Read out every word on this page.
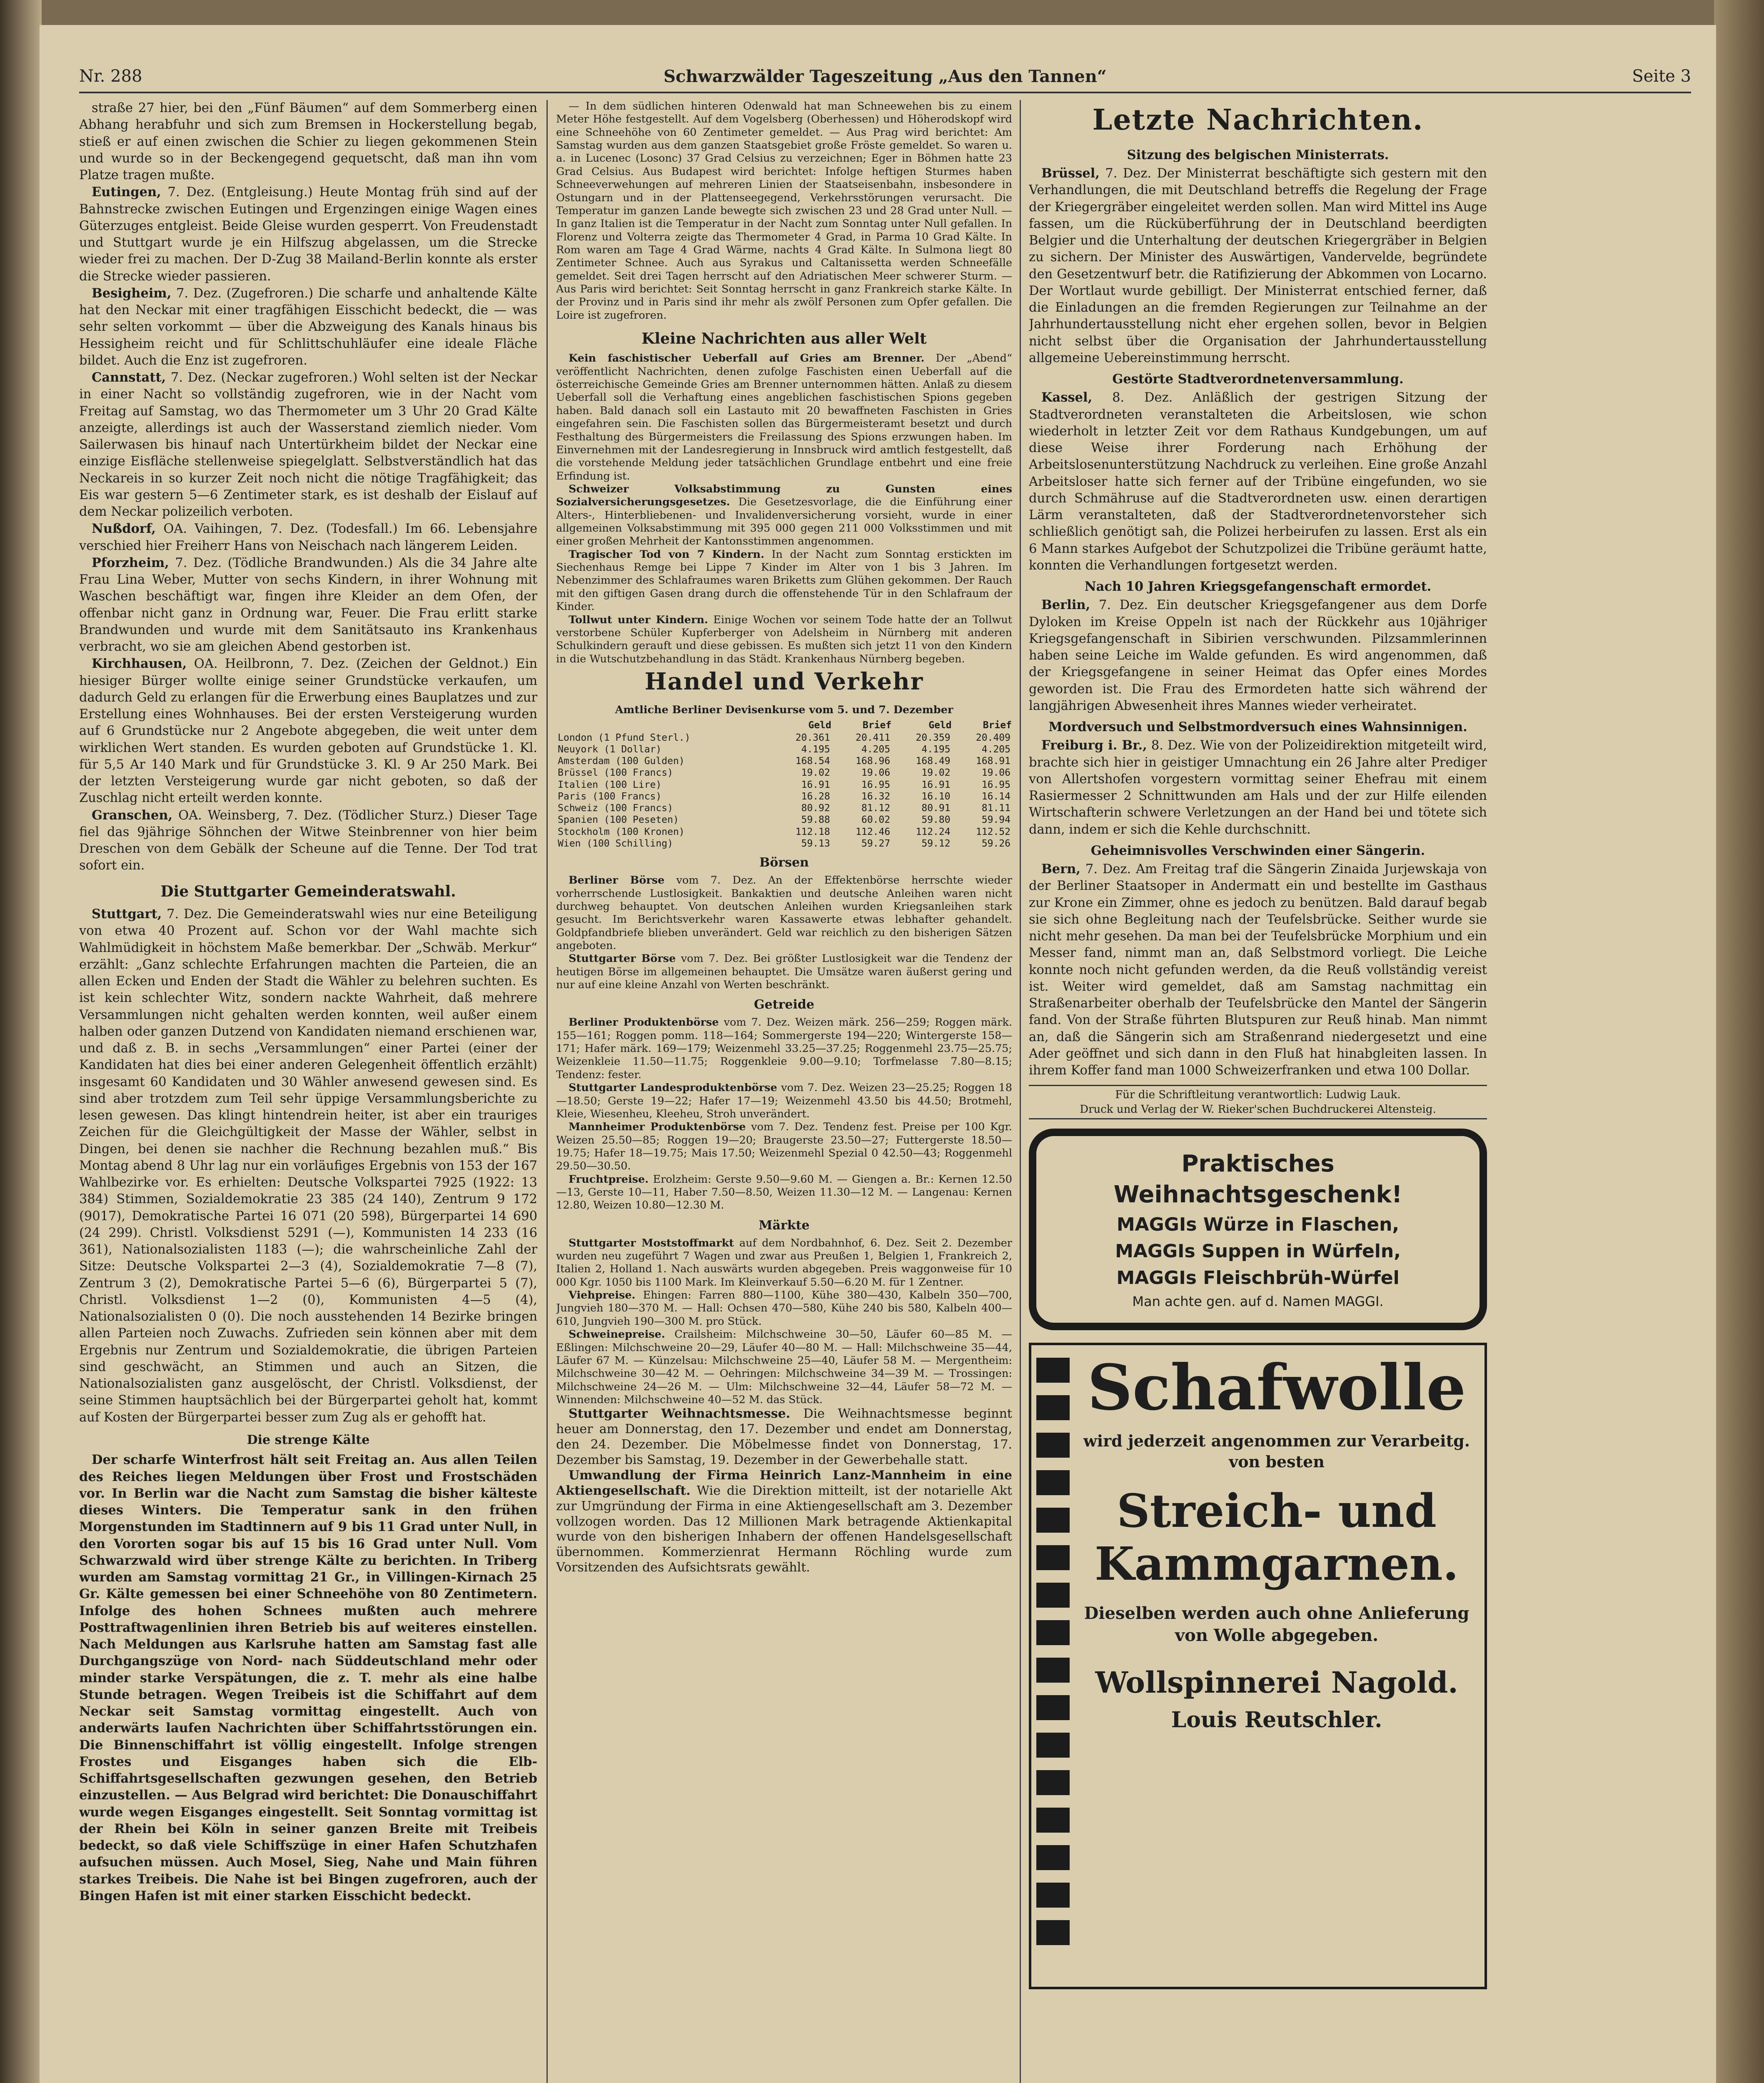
Nr. 288	Schwarzwälder Tageszeitung „Aus den Tannen“	Seite 3

straße 27 hier, bei den „Fünf Bäumen“ auf dem Sommerberg einen Abhang herabfuhr und sich zum Bremsen in Hockerstellung begab, stieß er auf einen zwischen die Schier zu liegen gekommenen Stein und wurde so in der Beckengegend gequetscht, daß man ihn vom Platze tragen mußte.

Eutingen, 7. Dez. (Entgleisung.) Heute Montag früh sind auf der Bahnstrecke zwischen Eutingen und Ergenzingen einige Wagen eines Güterzuges entgleist. Beide Gleise wurden gesperrt. Von Freudenstadt und Stuttgart wurde je ein Hilfszug abgelassen, um die Strecke wieder frei zu machen. Der D-Zug 38 Mailand-Berlin konnte als erster die Strecke wieder passieren.

Besigheim, 7. Dez. (Zugefroren.) Die scharfe und anhaltende Kälte hat den Neckar mit einer tragfähigen Eisschicht bedeckt, die — was sehr selten vorkommt — über die Abzweigung des Kanals hinaus bis Hessigheim reicht und für Schlittschuhläufer eine ideale Fläche bildet. Auch die Enz ist zugefroren.

Cannstatt, 7. Dez. (Neckar zugefroren.) Wohl selten ist der Neckar in einer Nacht so vollständig zugefroren, wie in der Nacht vom Freitag auf Samstag, wo das Thermometer um 3 Uhr 20 Grad Kälte anzeigte, allerdings ist auch der Wasserstand ziemlich nieder. Vom Sailerwasen bis hinauf nach Untertürkheim bildet der Neckar eine einzige Eisfläche stellenweise spiegelglatt. Selbstverständlich hat das Neckareis in so kurzer Zeit noch nicht die nötige Tragfähigkeit; das Eis war gestern 5—6 Zentimeter stark, es ist deshalb der Eislauf auf dem Neckar polizeilich verboten.

Nußdorf, OA. Vaihingen, 7. Dez. (Todesfall.) Im 66. Lebensjahre verschied hier Freiherr Hans von Neischach nach längerem Leiden.

Pforzheim, 7. Dez. (Tödliche Brandwunden.) Als die 34 Jahre alte Frau Lina Weber, Mutter von sechs Kindern, in ihrer Wohnung mit Waschen beschäftigt war, fingen ihre Kleider an dem Ofen, der offenbar nicht ganz in Ordnung war, Feuer. Die Frau erlitt starke Brandwunden und wurde mit dem Sanitätsauto ins Krankenhaus verbracht, wo sie am gleichen Abend gestorben ist.

Kirchhausen, OA. Heilbronn, 7. Dez. (Zeichen der Geldnot.) Ein hiesiger Bürger wollte einige seiner Grundstücke verkaufen, um dadurch Geld zu erlangen für die Erwerbung eines Bauplatzes und zur Erstellung eines Wohnhauses. Bei der ersten Versteigerung wurden auf 6 Grundstücke nur 2 Angebote abgegeben, die weit unter dem wirklichen Wert standen. Es wurden geboten auf Grundstücke 1. Kl. für 5,5 Ar 140 Mark und für Grundstücke 3. Kl. 9 Ar 250 Mark. Bei der letzten Versteigerung wurde gar nicht geboten, so daß der Zuschlag nicht erteilt werden konnte.

Granschen, OA. Weinsberg, 7. Dez. (Tödlicher Sturz.) Dieser Tage fiel das 9jährige Söhnchen der Witwe Steinbrenner von hier beim Dreschen von dem Gebälk der Scheune auf die Tenne. Der Tod trat sofort ein.

Die Stuttgarter Gemeinderatswahl.

Stuttgart, 7. Dez. Die Gemeinderatswahl wies nur eine Beteiligung von etwa 40 Prozent auf. Schon vor der Wahl machte sich Wahlmüdigkeit in höchstem Maße bemerkbar. Der „Schwäb. Merkur“ erzählt: „Ganz schlechte Erfahrungen machten die Parteien, die an allen Ecken und Enden der Stadt die Wähler zu belehren suchten. Es ist kein schlechter Witz, sondern nackte Wahrheit, daß mehrere Versammlungen nicht gehalten werden konnten, weil außer einem halben oder ganzen Dutzend von Kandidaten niemand erschienen war, und daß z. B. in sechs „Versammlungen“ einer Partei (einer der Kandidaten hat dies bei einer anderen Gelegenheit öffentlich erzählt) insgesamt 60 Kandidaten und 30 Wähler anwesend gewesen sind. Es sind aber trotzdem zum Teil sehr üppige Versammlungsberichte zu lesen gewesen. Das klingt hintendrein heiter, ist aber ein trauriges Zeichen für die Gleichgültigkeit der Masse der Wähler, selbst in Dingen, bei denen sie nachher die Rechnung bezahlen muß.“ Bis Montag abend 8 Uhr lag nur ein vorläufiges Ergebnis von 153 der 167 Wahlbezirke vor. Es erhielten: Deutsche Volkspartei 7925 (1922: 13 384) Stimmen, Sozialdemokratie 23 385 (24 140), Zentrum 9 172 (9017), Demokratische Partei 16 071 (20 598), Bürgerpartei 14 690 (24 299). Christl. Volksdienst 5291 (—), Kommunisten 14 233 (16 361), Nationalsozialisten 1183 (—); die wahrscheinliche Zahl der Sitze: Deutsche Volkspartei 2—3 (4), Sozialdemokratie 7—8 (7), Zentrum 3 (2), Demokratische Partei 5—6 (6), Bürgerpartei 5 (7), Christl. Volksdienst 1—2 (0), Kommunisten 4—5 (4), Nationalsozialisten 0 (0). Die noch ausstehenden 14 Bezirke bringen allen Parteien noch Zuwachs. Zufrieden sein können aber mit dem Ergebnis nur Zentrum und Sozialdemokratie, die übrigen Parteien sind geschwächt, an Stimmen und auch an Sitzen, die Nationalsozialisten ganz ausgelöscht, der Christl. Volksdienst, der seine Stimmen hauptsächlich bei der Bürgerpartei geholt hat, kommt auf Kosten der Bürgerpartei besser zum Zug als er gehofft hat.

Die strenge Kälte

Der scharfe Winterfrost hält seit Freitag an. Aus allen Teilen des Reiches liegen Meldungen über Frost und Frostschäden vor. In Berlin war die Nacht zum Samstag die bisher kälteste dieses Winters. Die Temperatur sank in den frühen Morgenstunden im Stadtinnern auf 9 bis 11 Grad unter Null, in den Vororten sogar bis auf 15 bis 16 Grad unter Null. Vom Schwarzwald wird über strenge Kälte zu berichten. In Triberg wurden am Samstag vormittag 21 Gr., in Villingen-Kirnach 25 Gr. Kälte gemessen bei einer Schneehöhe von 80 Zentimetern. Infolge des hohen Schnees mußten auch mehrere Posttraftwagenlinien ihren Betrieb bis auf weiteres einstellen. Nach Meldungen aus Karlsruhe hatten am Samstag fast alle Durchgangszüge von Nord- nach Süddeutschland mehr oder minder starke Verspätungen, die z. T. mehr als eine halbe Stunde betragen. Wegen Treibeis ist die Schiffahrt auf dem Neckar seit Samstag vormittag eingestellt. Auch von anderwärts laufen Nachrichten über Schiffahrtsstörungen ein. Die Binnenschiffahrt ist völlig eingestellt. Infolge strengen Frostes und Eisganges haben sich die Elb-Schiffahrtsgesellschaften gezwungen gesehen, den Betrieb einzustellen. — Aus Belgrad wird berichtet: Die Donauschiffahrt wurde wegen Eisganges eingestellt. Seit Sonntag vormittag ist der Rhein bei Köln in seiner ganzen Breite mit Treibeis bedeckt, so daß viele Schiffszüge in einer Hafen Schutzhafen aufsuchen müssen. Auch Mosel, Sieg, Nahe und Main führen starkes Treibeis. Die Nahe ist bei Bingen zugefroren, auch der Bingen Hafen ist mit einer starken Eisschicht bedeckt.

— In dem südlichen hinteren Odenwald hat man Schneewehen bis zu einem Meter Höhe festgestellt. Auf dem Vogelsberg (Oberhessen) und Höherodskopf wird eine Schneehöhe von 60 Zentimeter gemeldet. — Aus Prag wird berichtet: Am Samstag wurden aus dem ganzen Staatsgebiet große Fröste gemeldet. So waren u. a. in Lucenec (Losonc) 37 Grad Celsius zu verzeichnen; Eger in Böhmen hatte 23 Grad Celsius. Aus Budapest wird berichtet: Infolge heftigen Sturmes haben Schneeverwehungen auf mehreren Linien der Staatseisenbahn, insbesondere in Ostungarn und in der Plattenseegegend, Verkehrsstörungen verursacht. Die Temperatur im ganzen Lande bewegte sich zwischen 23 und 28 Grad unter Null. — In ganz Italien ist die Temperatur in der Nacht zum Sonntag unter Null gefallen. In Florenz und Volterra zeigte das Thermometer 4 Grad, in Parma 10 Grad Kälte. In Rom waren am Tage 4 Grad Wärme, nachts 4 Grad Kälte. In Sulmona liegt 80 Zentimeter Schnee. Auch aus Syrakus und Caltanissetta werden Schneefälle gemeldet. Seit drei Tagen herrscht auf den Adriatischen Meer schwerer Sturm. — Aus Paris wird berichtet: Seit Sonntag herrscht in ganz Frankreich starke Kälte. In der Provinz und in Paris sind ihr mehr als zwölf Personen zum Opfer gefallen. Die Loire ist zugefroren.

Kleine Nachrichten aus aller Welt

Kein faschistischer Ueberfall auf Gries am Brenner. Der „Abend“ veröffentlicht Nachrichten, denen zufolge Faschisten einen Ueberfall auf die österreichische Gemeinde Gries am Brenner unternommen hätten. Anlaß zu diesem Ueberfall soll die Verhaftung eines angeblichen faschistischen Spions gegeben haben. Bald danach soll ein Lastauto mit 20 bewaffneten Faschisten in Gries eingefahren sein. Die Faschisten sollen das Bürgermeisteramt besetzt und durch Festhaltung des Bürgermeisters die Freilassung des Spions erzwungen haben. Im Einvernehmen mit der Landesregierung in Innsbruck wird amtlich festgestellt, daß die vorstehende Meldung jeder tatsächlichen Grundlage entbehrt und eine freie Erfindung ist.

Schweizer Volksabstimmung zu Gunsten eines Sozialversicherungsgesetzes. Die Gesetzesvorlage, die die Einführung einer Alters-, Hinterbliebenen- und Invalidenversicherung vorsieht, wurde in einer allgemeinen Volksabstimmung mit 395 000 gegen 211 000 Volksstimmen und mit einer großen Mehrheit der Kantonsstimmen angenommen.

Tragischer Tod von 7 Kindern. In der Nacht zum Sonntag erstickten im Siechenhaus Remge bei Lippe 7 Kinder im Alter von 1 bis 3 Jahren. Im Nebenzimmer des Schlafraumes waren Briketts zum Glühen gekommen. Der Rauch mit den giftigen Gasen drang durch die offenstehende Tür in den Schlafraum der Kinder.

Tollwut unter Kindern. Einige Wochen vor seinem Tode hatte der an Tollwut verstorbene Schüler Kupferberger von Adelsheim in Nürnberg mit anderen Schulkindern gerauft und diese gebissen. Es mußten sich jetzt 11 von den Kindern in die Wutschutzbehandlung in das Städt. Krankenhaus Nürnberg begeben.

Handel und Verkehr
Amtliche Berliner Devisenkurse vom 5. und 7. Dezember
	Geld	Brief	Geld	Brief
London (1 Pfund Sterl.)	20.361	20.411	20.359	20.409
Neuyork (1 Dollar)	4.195	4.205	4.195	4.205
Amsterdam (100 Gulden)	168.54	168.96	168.49	168.91
Brüssel (100 Francs)	19.02	19.06	19.02	19.06
Italien (100 Lire)	16.91	16.95	16.91	16.95
Paris (100 Francs)	16.28	16.32	16.10	16.14
Schweiz (100 Francs)	80.92	81.12	80.91	81.11
Spanien (100 Peseten)	59.88	60.02	59.80	59.94
Stockholm (100 Kronen)	112.18	112.46	112.24	112.52
Wien (100 Schilling)	59.13	59.27	59.12	59.26
Börsen

Berliner Börse vom 7. Dez. An der Effektenbörse herrschte wieder vorherrschende Lustlosigkeit. Bankaktien und deutsche Anleihen waren nicht durchweg behauptet. Von deutschen Anleihen wurden Kriegsanleihen stark gesucht. Im Berichtsverkehr waren Kassawerte etwas lebhafter gehandelt. Goldpfandbriefe blieben unverändert. Geld war reichlich zu den bisherigen Sätzen angeboten.

Stuttgarter Börse vom 7. Dez. Bei größter Lustlosigkeit war die Tendenz der heutigen Börse im allgemeinen behauptet. Die Umsätze waren äußerst gering und nur auf eine kleine Anzahl von Werten beschränkt.

Getreide

Berliner Produktenbörse vom 7. Dez. Weizen märk. 256—259; Roggen märk. 155—161; Roggen pomm. 118—164; Sommergerste 194—220; Wintergerste 158—171; Hafer märk. 169—179; Weizenmehl 33.25—37.25; Roggenmehl 23.75—25.75; Weizenkleie 11.50—11.75; Roggenkleie 9.00—9.10; Torfmelasse 7.80—8.15; Tendenz: fester.

Stuttgarter Landesproduktenbörse vom 7. Dez. Weizen 23—25.25; Roggen 18—18.50; Gerste 19—22; Hafer 17—19; Weizenmehl 43.50 bis 44.50; Brotmehl, Kleie, Wiesenheu, Kleeheu, Stroh unverändert.

Mannheimer Produktenbörse vom 7. Dez. Tendenz fest. Preise per 100 Kgr. Weizen 25.50—85; Roggen 19—20; Braugerste 23.50—27; Futtergerste 18.50—19.75; Hafer 18—19.75; Mais 17.50; Weizenmehl Spezial 0 42.50—43; Roggenmehl 29.50—30.50.

Fruchtpreise. Erolzheim: Gerste 9.50—9.60 M. — Giengen a. Br.: Kernen 12.50—13, Gerste 10—11, Haber 7.50—8.50, Weizen 11.30—12 M. — Langenau: Kernen 12.80, Weizen 10.80—12.30 M.

Märkte

Stuttgarter Moststoffmarkt auf dem Nordbahnhof, 6. Dez. Seit 2. Dezember wurden neu zugeführt 7 Wagen und zwar aus Preußen 1, Belgien 1, Frankreich 2, Italien 2, Holland 1. Nach auswärts wurden abgegeben. Preis waggonweise für 10 000 Kgr. 1050 bis 1100 Mark. Im Kleinverkauf 5.50—6.20 M. für 1 Zentner.

Viehpreise. Ehingen: Farren 880—1100, Kühe 380—430, Kalbeln 350—700, Jungvieh 180—370 M. — Hall: Ochsen 470—580, Kühe 240 bis 580, Kalbeln 400—610, Jungvieh 190—300 M. pro Stück.

Schweinepreise. Crailsheim: Milchschweine 30—50, Läufer 60—85 M. — Eßlingen: Milchschweine 20—29, Läufer 40—80 M. — Hall: Milchschweine 35—44, Läufer 67 M. — Künzelsau: Milchschweine 25—40, Läufer 58 M. — Mergentheim: Milchschweine 30—42 M. — Oehringen: Milchschweine 34—39 M. — Trossingen: Milchschweine 24—26 M. — Ulm: Milchschweine 32—44, Läufer 58—72 M. — Winnenden: Milchschweine 40—52 M. das Stück.

Stuttgarter Weihnachtsmesse. Die Weihnachtsmesse beginnt heuer am Donnerstag, den 17. Dezember und endet am Donnerstag, den 24. Dezember. Die Möbelmesse findet von Donnerstag, 17. Dezember bis Samstag, 19. Dezember in der Gewerbehalle statt.

Umwandlung der Firma Heinrich Lanz-Mannheim in eine Aktiengesellschaft. Wie die Direktion mitteilt, ist der notarielle Akt zur Umgründung der Firma in eine Aktiengesellschaft am 3. Dezember vollzogen worden. Das 12 Millionen Mark betragende Aktienkapital wurde von den bisherigen Inhabern der offenen Handelsgesellschaft übernommen. Kommerzienrat Hermann Röchling wurde zum Vorsitzenden des Aufsichtsrats gewählt.

Letzte Nachrichten.
Sitzung des belgischen Ministerrats.

Brüssel, 7. Dez. Der Ministerrat beschäftigte sich gestern mit den Verhandlungen, die mit Deutschland betreffs die Regelung der Frage der Kriegergräber eingeleitet werden sollen. Man wird Mittel ins Auge fassen, um die Rücküberführung der in Deutschland beerdigten Belgier und die Unterhaltung der deutschen Kriegergräber in Belgien zu sichern. Der Minister des Auswärtigen, Vandervelde, begründete den Gesetzentwurf betr. die Ratifizierung der Abkommen von Locarno. Der Wortlaut wurde gebilligt. Der Ministerrat entschied ferner, daß die Einladungen an die fremden Regierungen zur Teilnahme an der Jahrhundertausstellung nicht eher ergehen sollen, bevor in Belgien nicht selbst über die Organisation der Jahrhundertausstellung allgemeine Uebereinstimmung herrscht.

Gestörte Stadtverordnetenversammlung.

Kassel, 8. Dez. Anläßlich der gestrigen Sitzung der Stadtverordneten veranstalteten die Arbeitslosen, wie schon wiederholt in letzter Zeit vor dem Rathaus Kundgebungen, um auf diese Weise ihrer Forderung nach Erhöhung der Arbeitslosenunterstützung Nachdruck zu verleihen. Eine große Anzahl Arbeitsloser hatte sich ferner auf der Tribüne eingefunden, wo sie durch Schmähruse auf die Stadtverordneten usw. einen derartigen Lärm veranstalteten, daß der Stadtverordnetenvorsteher sich schließlich genötigt sah, die Polizei herbeirufen zu lassen. Erst als ein 6 Mann starkes Aufgebot der Schutzpolizei die Tribüne geräumt hatte, konnten die Verhandlungen fortgesetzt werden.

Nach 10 Jahren Kriegsgefangenschaft ermordet.

Berlin, 7. Dez. Ein deutscher Kriegsgefangener aus dem Dorfe Dyloken im Kreise Oppeln ist nach der Rückkehr aus 10jähriger Kriegsgefangenschaft in Sibirien verschwunden. Pilzsammlerinnen haben seine Leiche im Walde gefunden. Es wird angenommen, daß der Kriegsgefangene in seiner Heimat das Opfer eines Mordes geworden ist. Die Frau des Ermordeten hatte sich während der langjährigen Abwesenheit ihres Mannes wieder verheiratet.

Mordversuch und Selbstmordversuch eines Wahnsinnigen.

Freiburg i. Br., 8. Dez. Wie von der Polizeidirektion mitgeteilt wird, brachte sich hier in geistiger Umnachtung ein 26 Jahre alter Prediger von Allertshofen vorgestern vormittag seiner Ehefrau mit einem Rasiermesser 2 Schnittwunden am Hals und der zur Hilfe eilenden Wirtschafterin schwere Verletzungen an der Hand bei und tötete sich dann, indem er sich die Kehle durchschnitt.

Geheimnisvolles Verschwinden einer Sängerin.

Bern, 7. Dez. Am Freitag traf die Sängerin Zinaida Jurjewskaja von der Berliner Staatsoper in Andermatt ein und bestellte im Gasthaus zur Krone ein Zimmer, ohne es jedoch zu benützen. Bald darauf begab sie sich ohne Begleitung nach der Teufelsbrücke. Seither wurde sie nicht mehr gesehen. Da man bei der Teufelsbrücke Morphium und ein Messer fand, nimmt man an, daß Selbstmord vorliegt. Die Leiche konnte noch nicht gefunden werden, da die Reuß vollständig vereist ist. Weiter wird gemeldet, daß am Samstag nachmittag ein Straßenarbeiter oberhalb der Teufelsbrücke den Mantel der Sängerin fand. Von der Straße führten Blutspuren zur Reuß hinab. Man nimmt an, daß die Sängerin sich am Straßenrand niedergesetzt und eine Ader geöffnet und sich dann in den Fluß hat hinabgleiten lassen. In ihrem Koffer fand man 1000 Schweizerfranken und etwa 100 Dollar.

Für die Schriftleitung verantwortlich: Ludwig Lauk.
Druck und Verlag der W. Rieker'schen Buchdruckerei Altensteig.
Praktisches Weihnachtsgeschenk!
MAGGIs Würze in Flaschen,
MAGGIs Suppen in Würfeln,
MAGGIs Fleischbrüh-Würfel
Man achte gen. auf d. Namen MAGGI.
Schafwolle
wird jederzeit angenommen zur Verarbeitg. von besten
Streich- und Kammgarnen.
Dieselben werden auch ohne Anlieferung von Wolle abgegeben.
Wollspinnerei Nagold.
Louis Reutschler.
